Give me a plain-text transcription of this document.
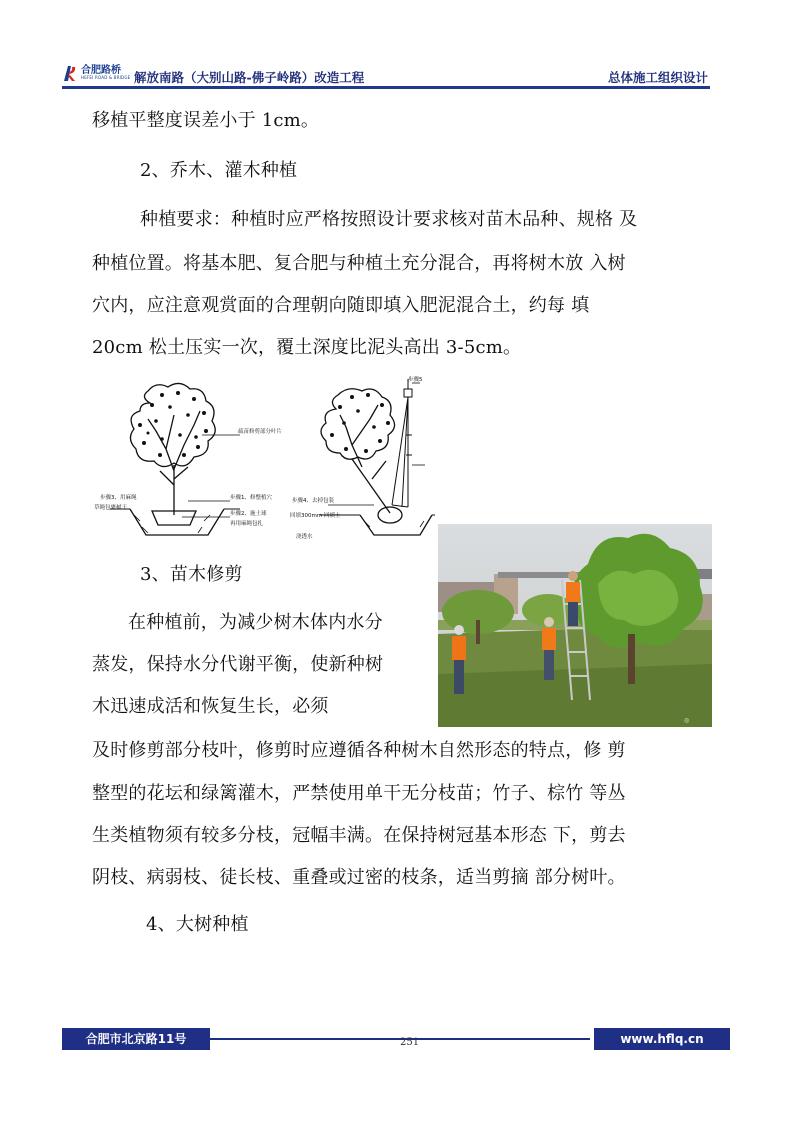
合肥路桥
HEFEI ROAD & BRIDGE 解放南路（大别山路-佛子岭路）改造工程	总体施工组织设计
移植平整度误差小于 1cm。
2、乔木、灌木种植
种植要求：种植时应严格按照设计要求核对苗木品种、规格 及
种植位置。将基本肥、复合肥与种植土充分混合，再将树木放 入树
穴内，应注意观赏面的合理朝向随即填入肥泥混合土，约每 填
20cm 松土压实一次，覆土深度比泥头高出 3-5cm。
疏苗修剪部分叶片
步骤3、用麻绳
草绳包裹树干
步骤1、修整植穴
步骤2、施土球
再用麻绳包扎
步骤5
步骤4、去掉包装
回填300mm 回填土
浇透水
3、苗木修剪
在种植前，为减少树木体内水分
蒸发，保持水分代谢平衡，使新种树
木迅速成活和恢复生长，必须
◎
及时修剪部分枝叶，修剪时应遵循各种树木自然形态的特点，修 剪
整型的花坛和绿篱灌木，严禁使用单干无分枝苗；竹子、棕竹 等丛
生类植物须有较多分枝，冠幅丰满。在保持树冠基本形态 下，剪去
阴枝、病弱枝、徒长枝、重叠或过密的枝条，适当剪摘 部分树叶。
4、大树种植
合肥市北京路11号	www.hflq.cn
251
